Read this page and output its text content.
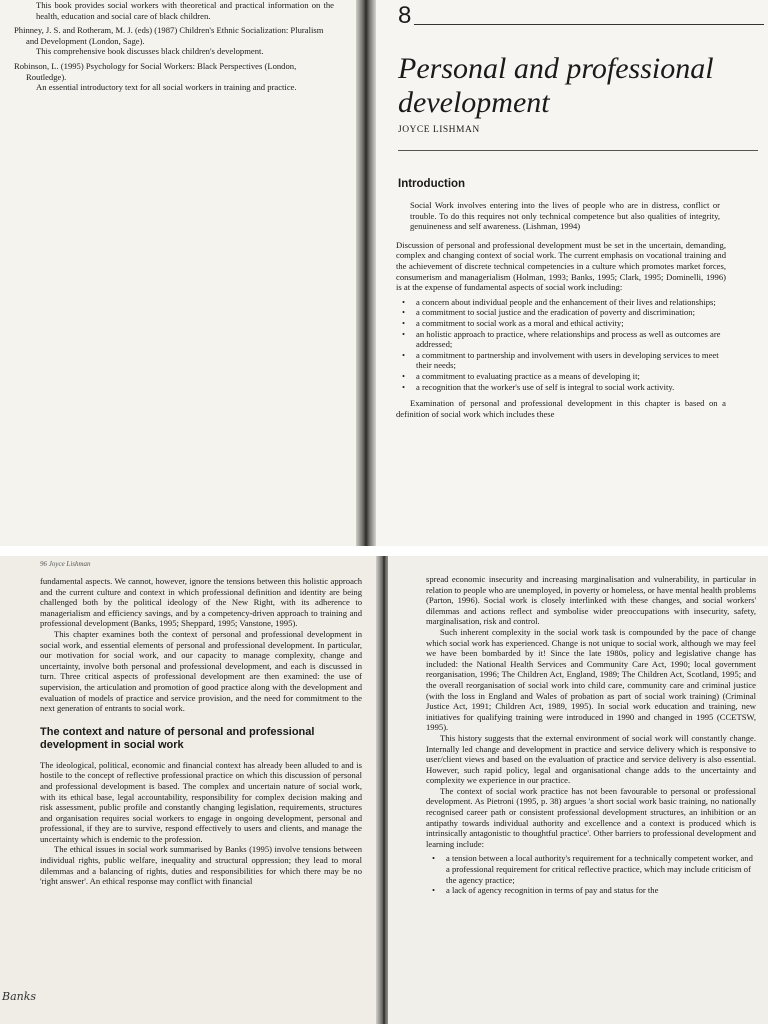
This book provides social workers with theoretical and practical information on the health, education and social care of black children.

Phinney, J. S. and Rotheram, M. J. (eds) (1987) Children's Ethnic Socialization: Pluralism and Development (London, Sage).

This comprehensive book discusses black children's development.

Robinson, L. (1995) Psychology for Social Workers: Black Perspectives (London, Routledge).

An essential introductory text for all social workers in training and practice.

8
Personal and professional development
JOYCE LISHMAN
Introduction

Social Work involves entering into the lives of people who are in distress, conflict or trouble. To do this requires not only technical competence but also qualities of integrity, genuineness and self awareness. (Lishman, 1994)

Discussion of personal and professional development must be set in the uncertain, demanding, complex and changing context of social work. The current emphasis on vocational training and the achievement of discrete technical competencies in a culture which promotes market forces, consumerism and managerialism (Holman, 1993; Banks, 1995; Clark, 1995; Dominelli, 1996) is at the expense of fundamental aspects of social work including:

• a concern about individual people and the enhancement of their lives and relationships;
• a commitment to social justice and the eradication of poverty and discrimination;
• a commitment to social work as a moral and ethical activity;
• an holistic approach to practice, where relationships and process as well as outcomes are addressed;
• a commitment to partnership and involvement with users in developing services to meet their needs;
• a commitment to evaluating practice as a means of developing it;
• a recognition that the worker's use of self is integral to social work activity.

Examination of personal and professional development in this chapter is based on a definition of social work which includes these

96 Joyce Lishman

fundamental aspects. We cannot, however, ignore the tensions between this holistic approach and the current culture and context in which professional definition and identity are being challenged both by the political ideology of the New Right, with its adherence to managerialism and efficiency savings, and by a competency-driven approach to training and professional development (Banks, 1995; Sheppard, 1995; Vanstone, 1995).

This chapter examines both the context of personal and professional development in social work, and essential elements of personal and professional development. In particular, our motivation for social work, and our capacity to manage complexity, change and uncertainty, involve both personal and professional development, and each is discussed in turn. Three critical aspects of professional development are then examined: the use of supervision, the articulation and promotion of good practice along with the development and evaluation of models of practice and service provision, and the need for commitment to the next generation of entrants to social work.

The context and nature of personal and professional development in social work

The ideological, political, economic and financial context has already been alluded to and is hostile to the concept of reflective professional practice on which this discussion of personal and professional development is based. The complex and uncertain nature of social work, with its ethical base, legal accountability, responsibility for complex decision making and risk assessment, public profile and constantly changing legislation, requirements, structures and organisation requires social workers to engage in ongoing development, personal and professional, if they are to survive, respond effectively to users and clients, and manage the uncertainty which is endemic to the profession.

The ethical issues in social work summarised by Banks (1995) involve tensions between individual rights, public welfare, inequality and structural oppression; they lead to moral dilemmas and a balancing of rights, duties and responsibilities for which there may be no 'right answer'. An ethical response may conflict with financial

Banks

spread economic insecurity and increasing marginalisation and vulnerability, in particular in relation to people who are unemployed, in poverty or homeless, or have mental health problems (Parton, 1996). Social work is closely interlinked with these changes, and social workers' dilemmas and actions reflect and symbolise wider preoccupations with insecurity, safety, marginalisation, risk and control.

Such inherent complexity in the social work task is compounded by the pace of change which social work has experienced. Change is not unique to social work, although we may feel we have been bombarded by it! Since the late 1980s, policy and legislative change has included: the National Health Services and Community Care Act, 1990; local government reorganisation, 1996; The Children Act, England, 1989; The Children Act, Scotland, 1995; and the overall reorganisation of social work into child care, community care and criminal justice (with the loss in England and Wales of probation as part of social work training) (Criminal Justice Act, 1991; Children Act, 1989, 1995). In social work education and training, new initiatives for qualifying training were introduced in 1990 and changed in 1995 (CCETSW, 1995).

This history suggests that the external environment of social work will constantly change. Internally led change and development in practice and service delivery which is responsive to user/client views and based on the evaluation of practice and service delivery is also essential. However, such rapid policy, legal and organisational change adds to the uncertainty and complexity we experience in our practice.

The context of social work practice has not been favourable to personal or professional development. As Pietroni (1995, p. 38) argues 'a short social work basic training, no nationally recognised career path or consistent professional development structures, an inhibition or an antipathy towards individual authority and excellence and a context is produced which is intrinsically antagonistic to thoughtful practice'. Other barriers to professional development and learning include:

• a tension between a local authority's requirement for a technically competent worker, and a professional requirement for critical reflective practice, which may include criticism of the agency practice;
• a lack of agency recognition in terms of pay and status for the
